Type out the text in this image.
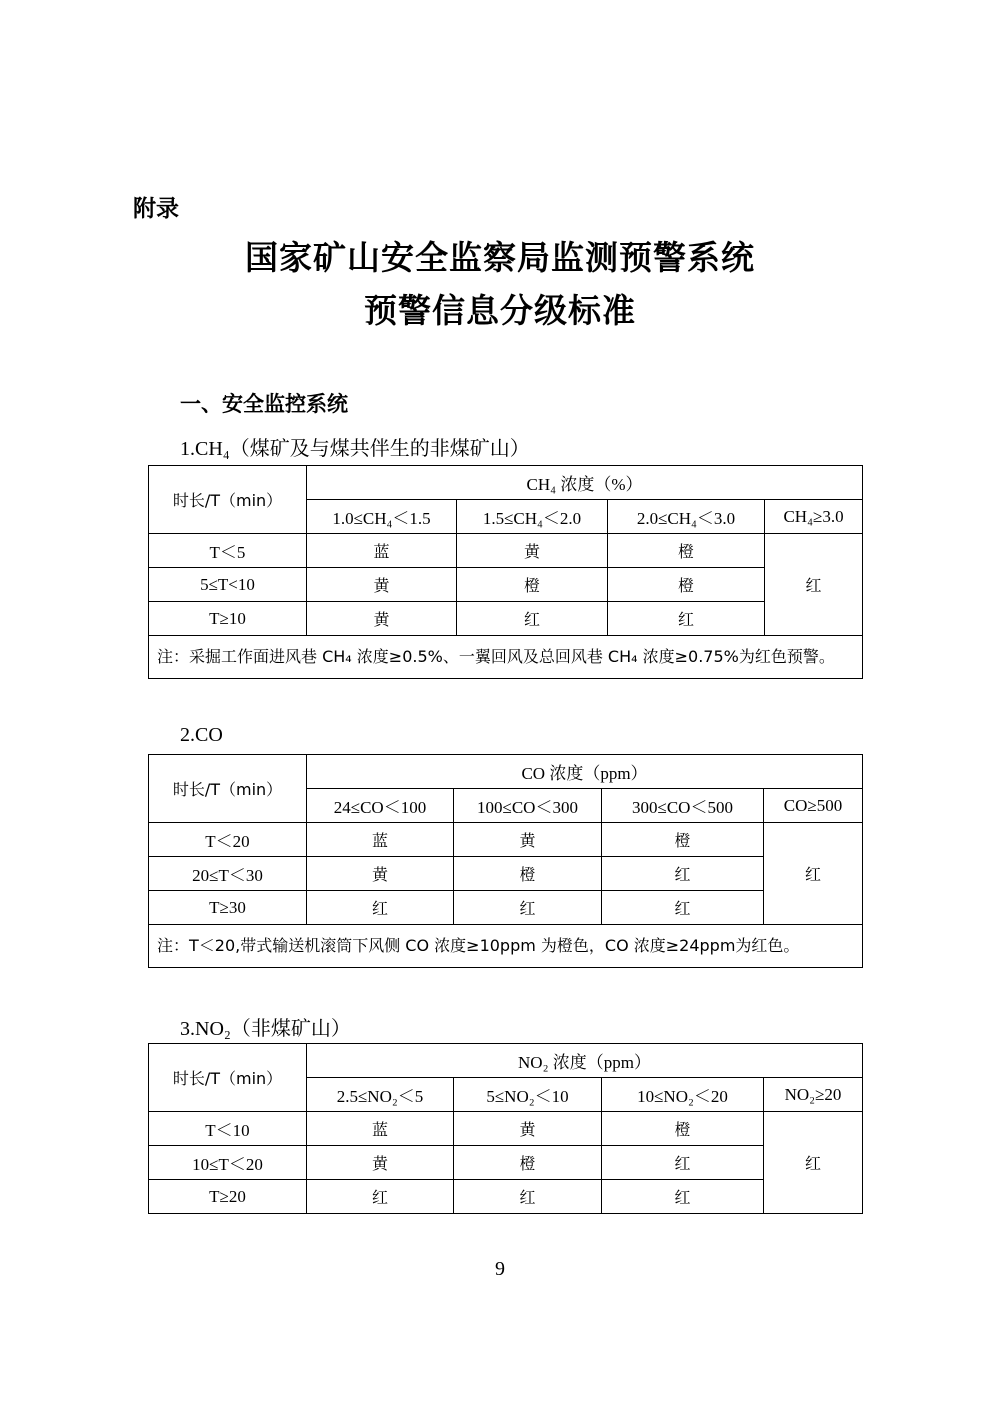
附录
国家矿山安全监察局监测预警系统
预警信息分级标准
一、安全监控系统
1.CH₄（煤矿及与煤共伴生的非煤矿山）
时长/T（min）	CH₄ 浓度（%）			
	1.0≤CH₄＜1.5	1.5≤CH₄＜2.0	2.0≤CH₄＜3.0	CH₄≥3.0
T＜5	蓝	黄	橙	红
5≤T<10	黄	橙	橙	
T≥10	黄	红	红	
注：采掘工作面进风巷 CH₄ 浓度≥0.5%、一翼回风及总回风巷 CH₄ 浓度≥0.75%为红色预警。				
2.CO
时长/T（min）	CO 浓度（ppm）			
	24≤CO＜100	100≤CO＜300	300≤CO＜500	CO≥500
T＜20	蓝	黄	橙	红
20≤T＜30	黄	橙	红	
T≥30	红	红	红	
注：T＜20,带式输送机滚筒下风侧 CO 浓度≥10ppm 为橙色，CO 浓度≥24ppm为红色。				
3.NO₂（非煤矿山）
时长/T（min）	NO₂ 浓度（ppm）			
	2.5≤NO₂＜5	5≤NO₂＜10	10≤NO₂＜20	NO₂≥20
T＜10	蓝	黄	橙	红
10≤T＜20	黄	橙	红	
T≥20	红	红	红	
9
